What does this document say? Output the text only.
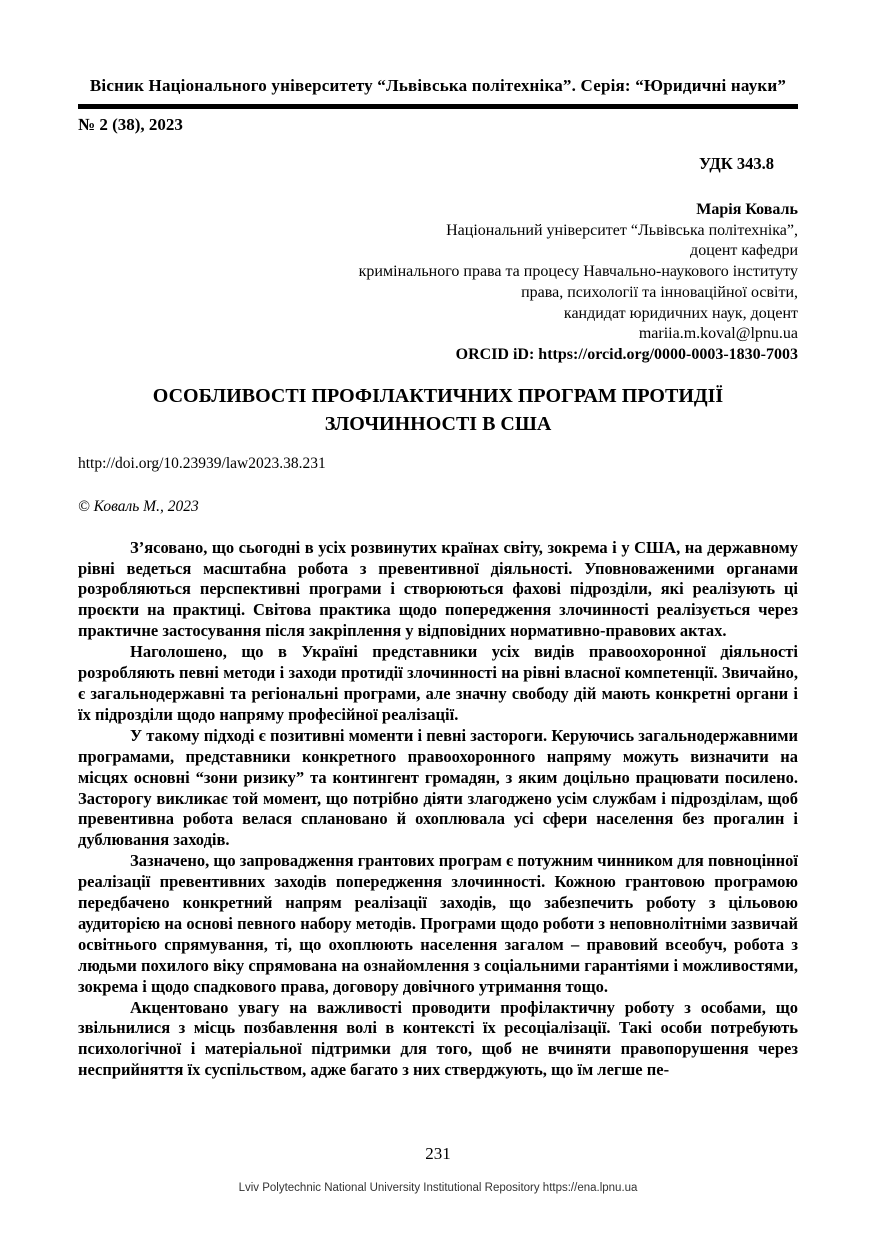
Вісник Національного університету “Львівська політехніка”. Серія: “Юридичні науки”
№ 2 (38), 2023
УДК 343.8
Марія Коваль
Національний університет “Львівська політехніка”,
доцент кафедри
кримінального права та процесу Навчально-наукового інституту
права, психології та інноваційної освіти,
кандидат юридичних наук, доцент
mariia.m.koval@lpnu.ua
ORCID iD: https://orcid.org/0000-0003-1830-7003
ОСОБЛИВОСТІ ПРОФІЛАКТИЧНИХ ПРОГРАМ ПРОТИДІЇ
ЗЛОЧИННОСТІ В США
http://doi.org/10.23939/law2023.38.231
© Коваль М., 2023

З’ясовано, що сьогодні в усіх розвинутих країнах світу, зокрема і у США, на державному рівні ведеться масштабна робота з превентивної діяльності. Уповноваженими органами розробляються перспективні програми і створюються фахові підрозділи, які реалізують ці проєкти на практиці. Світова практика щодо попередження злочинності реалізується через практичне застосування після закріплення у відповідних нормативно-правових актах.

Наголошено, що в Україні представники усіх видів правоохоронної діяльності розробляють певні методи і заходи протидії злочинності на рівні власної компетенції. Звичайно, є загальнодержавні та регіональні програми, але значну свободу дій мають конкретні органи і їх підрозділи щодо напряму професійної реалізації.

У такому підході є позитивні моменти і певні застороги. Керуючись загальнодержавними програмами, представники конкретного правоохоронного напряму можуть визначити на місцях основні “зони ризику” та контингент громадян, з яким доцільно працювати посилено. Засторогу викликає той момент, що потрібно діяти злагоджено усім службам і підрозділам, щоб превентивна робота велася сплановано й охоплювала усі сфери населення без прогалин і дублювання заходів.

Зазначено, що запровадження грантових програм є потужним чинником для повноцінної реалізації превентивних заходів попередження злочинності. Кожною грантовою програмою передбачено конкретний напрям реалізації заходів, що забезпечить роботу з цільовою аудиторією на основі певного набору методів. Програми щодо роботи з неповнолітніми зазвичай освітнього спрямування, ті, що охоплюють населення загалом – правовий всеобуч, робота з людьми похилого віку спрямована на ознайомлення з соціальними гарантіями і можливостями, зокрема і щодо спадкового права, договору довічного утримання тощо.

Акцентовано увагу на важливості проводити профілактичну роботу з особами, що звільнилися з місць позбавлення волі в контексті їх ресоціалізації. Такі особи потребують психологічної і матеріальної підтримки для того, щоб не вчиняти правопорушення через несприйняття їх суспільством, адже багато з них стверджують, що їм легше пе-

231
Lviv Polytechnic National University Institutional Repository https://ena.lpnu.ua
